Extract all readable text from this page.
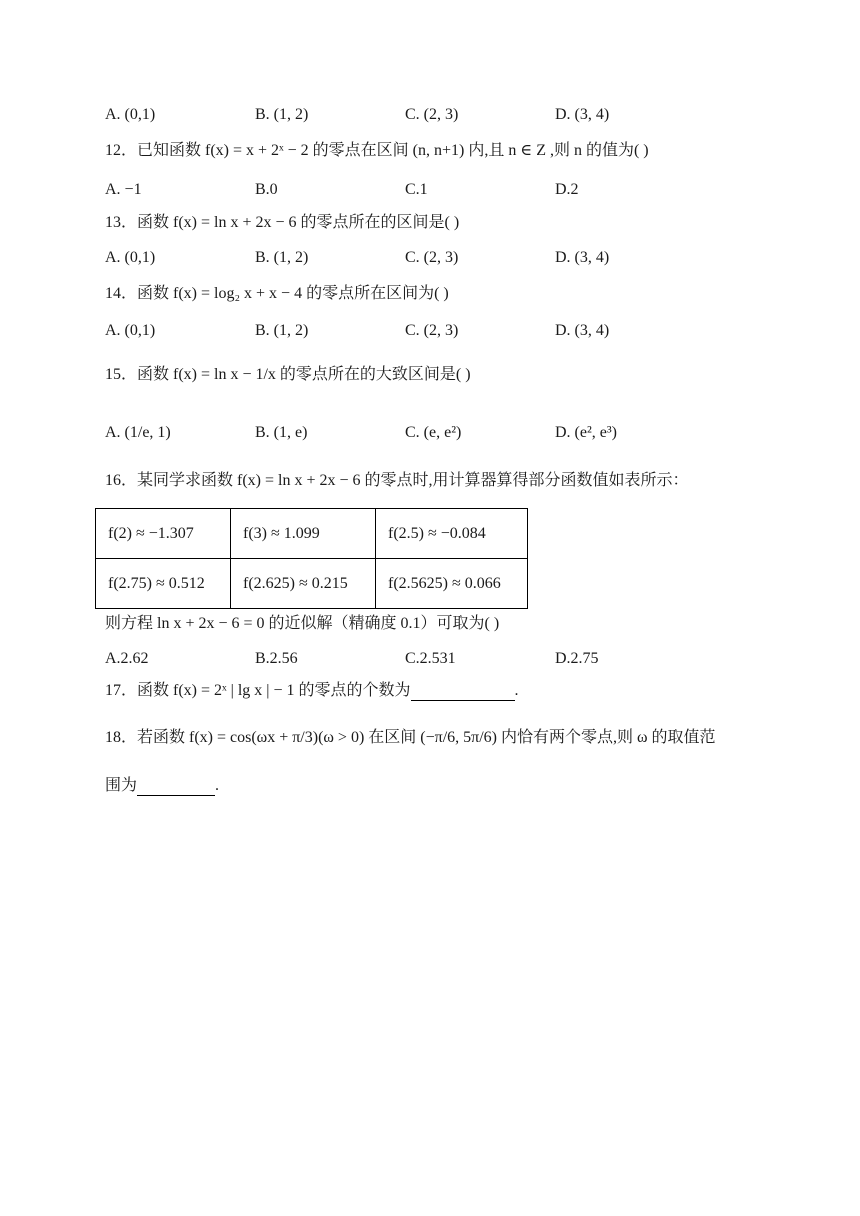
A. (0,1)	B. (1, 2)	C. (2, 3)	D. (3, 4)
12．已知函数 f(x) = x + 2ˣ − 2 的零点在区间 (n, n+1) 内,且 n ∈ Z ,则 n 的值为( )
A. −1	B.0	C.1	D.2
13．函数 f(x) = ln x + 2x − 6 的零点所在的区间是( )
A. (0,1)	B. (1, 2)	C. (2, 3)	D. (3, 4)
14．函数 f(x) = log₂ x + x − 4 的零点所在区间为( )
A. (0,1)	B. (1, 2)	C. (2, 3)	D. (3, 4)
15．函数 f(x) = ln x − 1/x 的零点所在的大致区间是( )
A. (1/e, 1)	B. (1, e)	C. (e, e²)	D. (e², e³)
16．某同学求函数 f(x) = ln x + 2x − 6 的零点时,用计算器算得部分函数值如表所示：
f(2) ≈ −1.307	f(3) ≈ 1.099	f(2.5) ≈ −0.084
f(2.75) ≈ 0.512	f(2.625) ≈ 0.215	f(2.5625) ≈ 0.066
则方程 ln x + 2x − 6 = 0 的近似解（精确度 0.1）可取为( )
A.2.62	B.2.56	C.2.531	D.2.75
17．函数 f(x) = 2ˣ | lg x | − 1 的零点的个数为	.
18．若函数 f(x) = cos(ωx + π/3)(ω > 0) 在区间 (−π/6, 5π/6) 内恰有两个零点,则 ω 的取值范
围为	.
